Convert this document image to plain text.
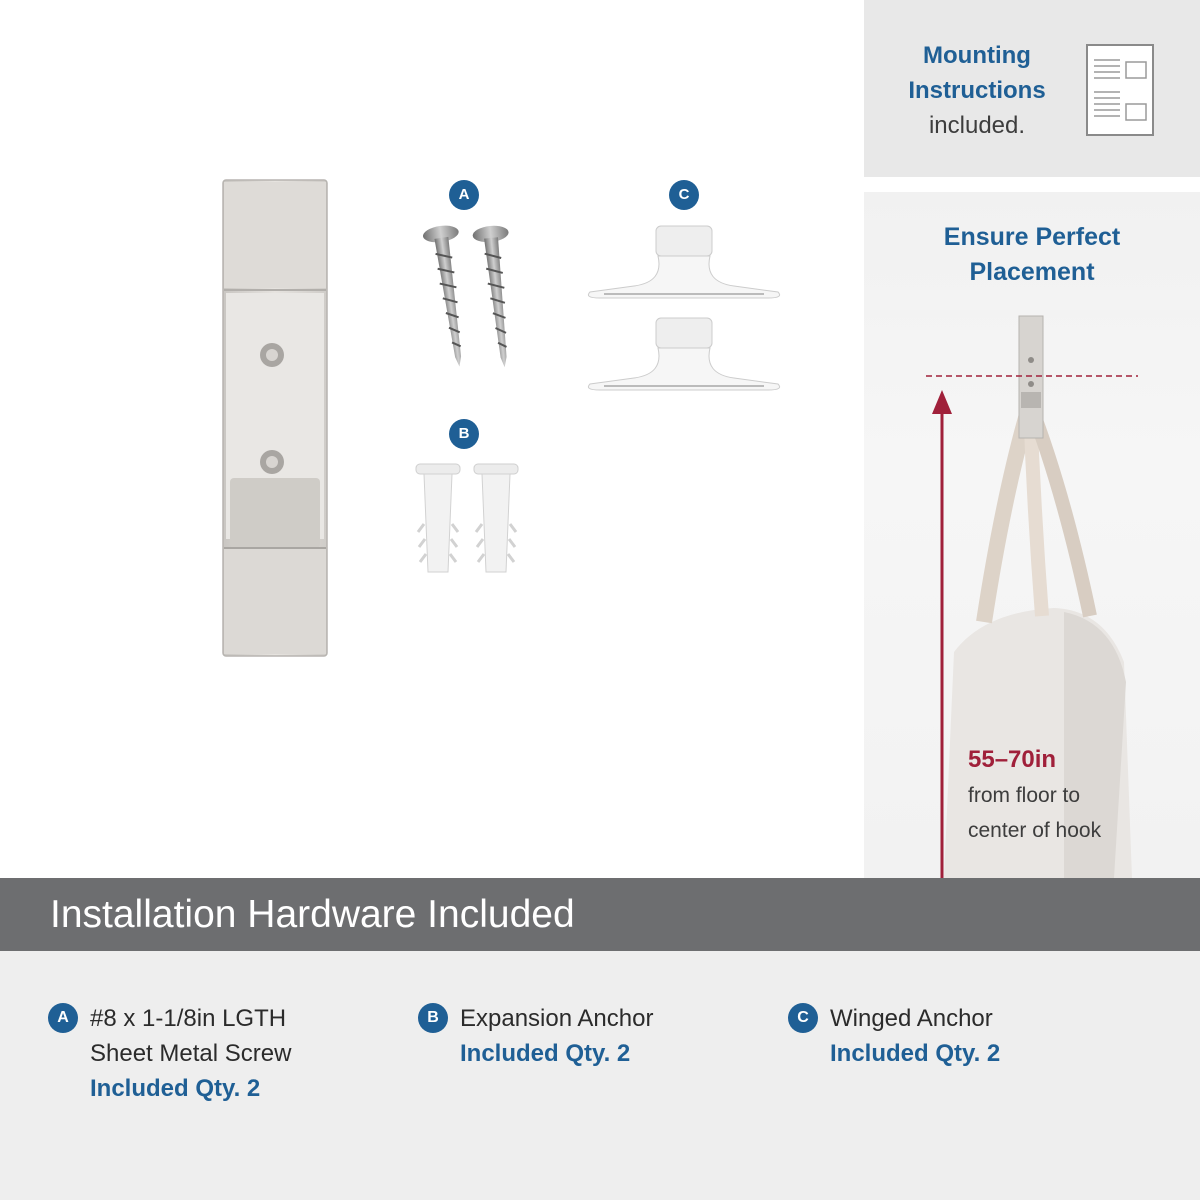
A
B
C
Mounting
Instructions
included.
Ensure Perfect
Placement
55–70in
from floor to
center of hook
Installation Hardware Included
A #8 x 1-1/8in LGTH
Sheet Metal Screw
Included Qty. 2
B Expansion Anchor
Included Qty. 2
C Winged Anchor
Included Qty. 2
